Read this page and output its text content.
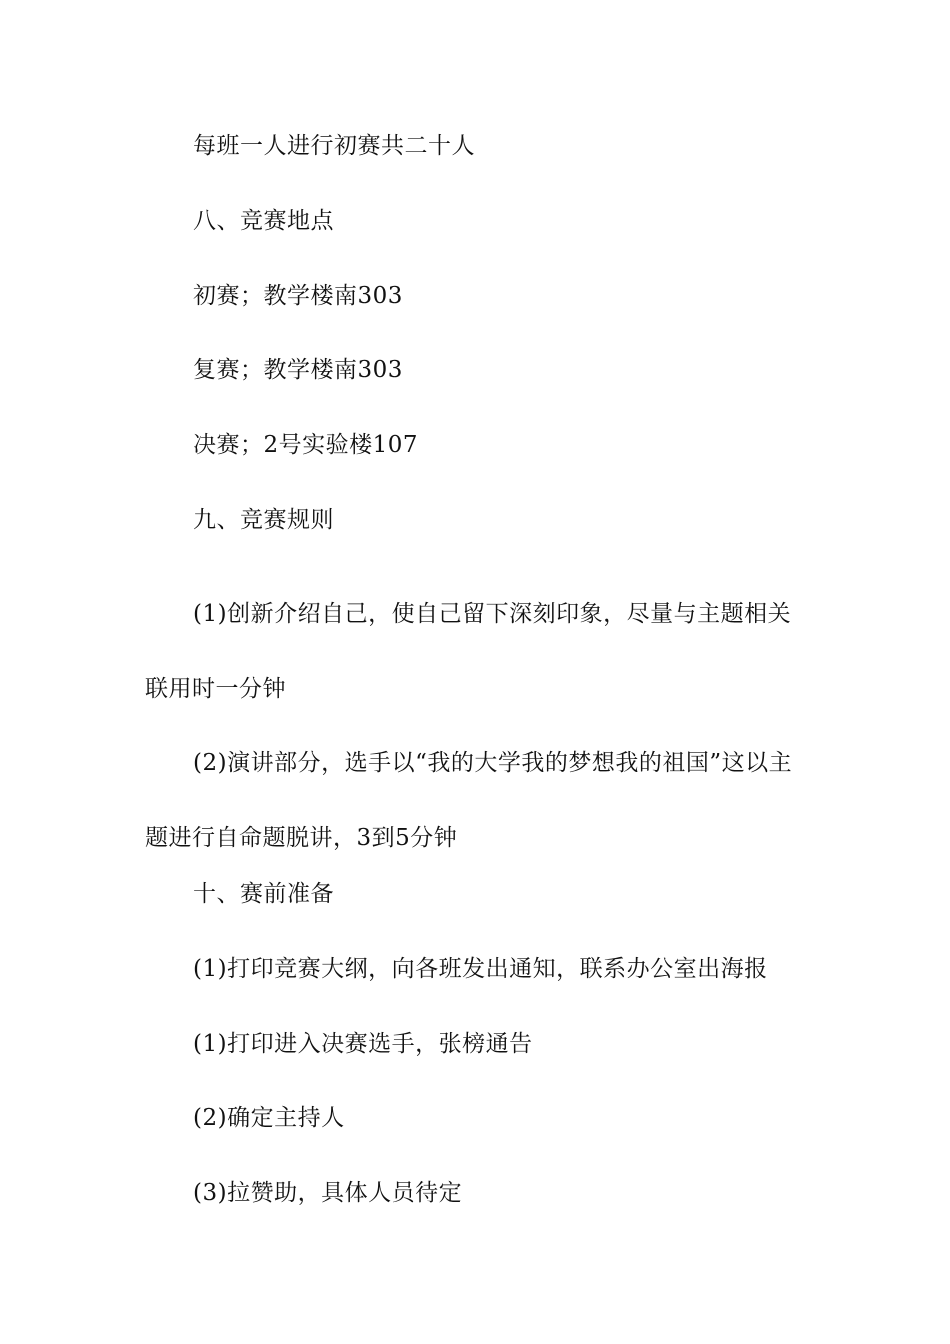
每班一人进行初赛共二十人

八、竞赛地点

初赛；教学楼南303

复赛；教学楼南303

决赛；2号实验楼107

九、竞赛规则

(1)创新介绍自己，使自己留下深刻印象，尽量与主题相关联用时一分钟

(2)演讲部分，选手以“我的大学我的梦想我的祖国”这以主题进行自命题脱讲，3到5分钟

十、赛前准备

(1)打印竞赛大纲，向各班发出通知，联系办公室出海报

(1)打印进入决赛选手，张榜通告

(2)确定主持人

(3)拉赞助，具体人员待定
